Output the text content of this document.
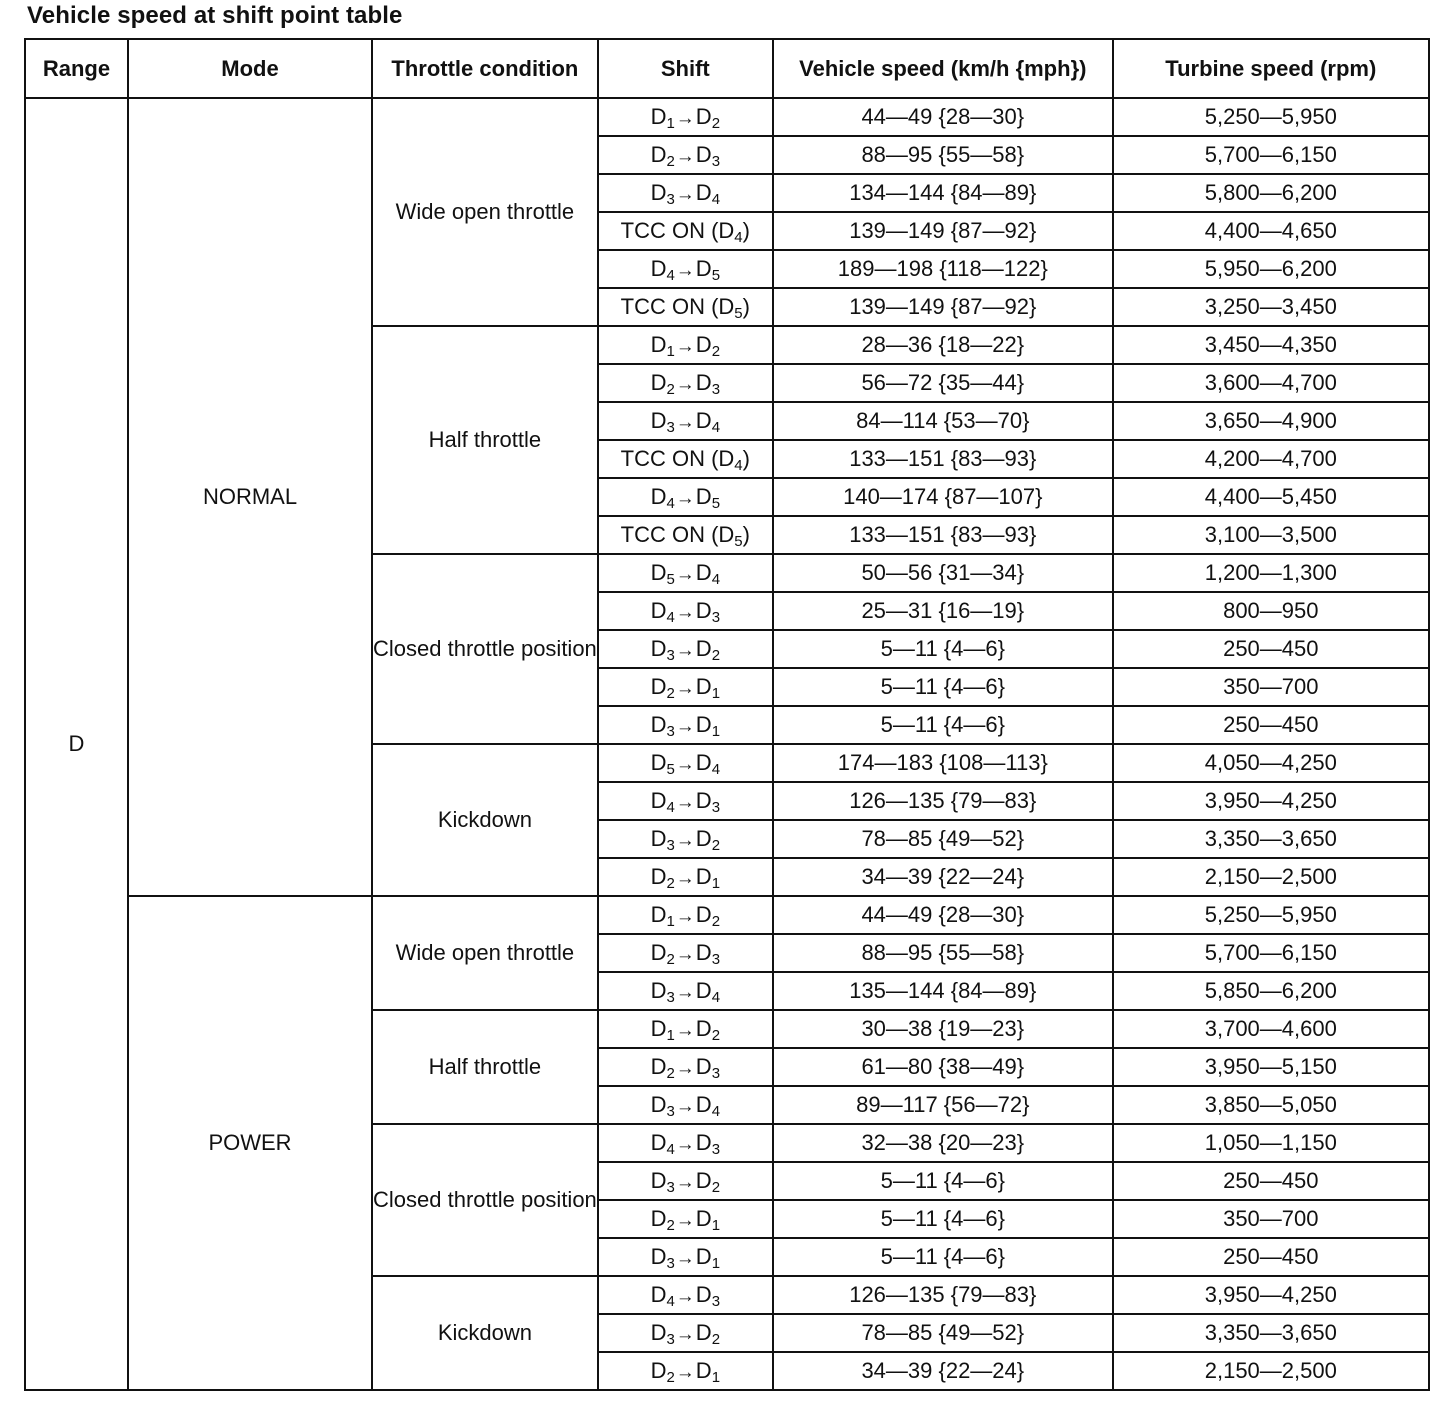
Vehicle speed at shift point table
Range	Mode	Throttle condition	Shift	Vehicle speed (km/h {mph})	Turbine speed (rpm)
D	NORMAL	Wide open throttle	$D_1\to D_2$	44—49 {28—30}	5,250—5,950
			$D_2\to D_3$	88—95 {55—58}	5,700—6,150
			$D_3\to D_4$	134—144 {84—89}	5,800—6,200
			TCC ON $(D_4)$	139—149 {87—92}	4,400—4,650
			$D_4\to D_5$	189—198 {118—122}	5,950—6,200
			TCC ON $(D_5)$	139—149 {87—92}	3,250—3,450
		Half throttle	$D_1\to D_2$	28—36 {18—22}	3,450—4,350
			$D_2\to D_3$	56—72 {35—44}	3,600—4,700
			$D_3\to D_4$	84—114 {53—70}	3,650—4,900
			TCC ON $(D_4)$	133—151 {83—93}	4,200—4,700
			$D_4\to D_5$	140—174 {87—107}	4,400—5,450
			TCC ON $(D_5)$	133—151 {83—93}	3,100—3,500
		Closed throttle position	$D_5\to D_4$	50—56 {31—34}	1,200—1,300
			$D_4\to D_3$	25—31 {16—19}	800—950
			$D_3\to D_2$	5—11 {4—6}	250—450
			$D_2\to D_1$	5—11 {4—6}	350—700
			$D_3\to D_1$	5—11 {4—6}	250—450
		Kickdown	$D_5\to D_4$	174—183 {108—113}	4,050—4,250
			$D_4\to D_3$	126—135 {79—83}	3,950—4,250
			$D_3\to D_2$	78—85 {49—52}	3,350—3,650
			$D_2\to D_1$	34—39 {22—24}	2,150—2,500
	POWER	Wide open throttle	$D_1\to D_2$	44—49 {28—30}	5,250—5,950
			$D_2\to D_3$	88—95 {55—58}	5,700—6,150
			$D_3\to D_4$	135—144 {84—89}	5,850—6,200
		Half throttle	$D_1\to D_2$	30—38 {19—23}	3,700—4,600
			$D_2\to D_3$	61—80 {38—49}	3,950—5,150
			$D_3\to D_4$	89—117 {56—72}	3,850—5,050
		Closed throttle position	$D_4\to D_3$	32—38 {20—23}	1,050—1,150
			$D_3\to D_2$	5—11 {4—6}	250—450
			$D_2\to D_1$	5—11 {4—6}	350—700
			$D_3\to D_1$	5—11 {4—6}	250—450
		Kickdown	$D_4\to D_3$	126—135 {79—83}	3,950—4,250
			$D_3\to D_2$	78—85 {49—52}	3,350—3,650
			$D_2\to D_1$	34—39 {22—24}	2,150—2,500
